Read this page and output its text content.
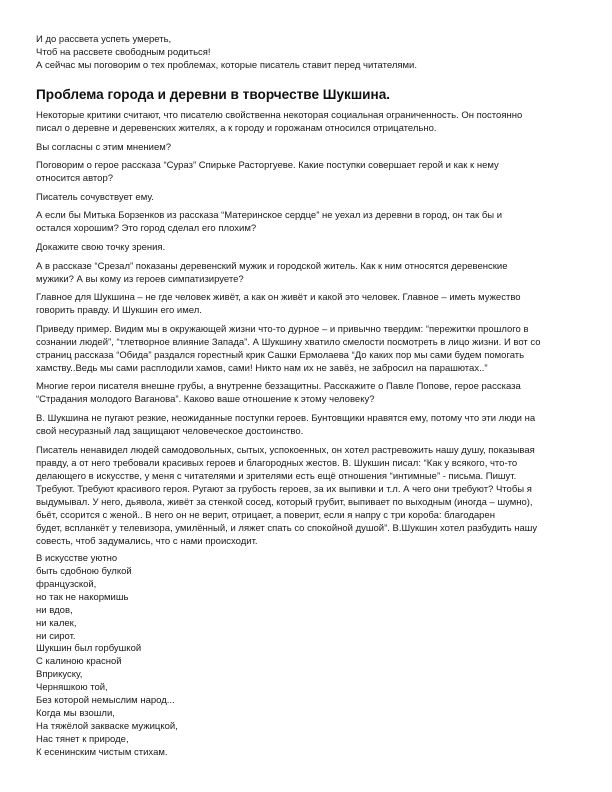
И до рассвета успеть умереть,

Чтоб на рассвете свободным родиться!

А сейчас мы поговорим о тех проблемах, которые писатель ставит перед читателями.

Проблема города и деревни в творчестве Шукшина.

Некоторые критики считают, что писателю свойственна некоторая социальная ограниченность. Он постоянно
писал о деревне и деревенских жителях, а к городу и горожанам относился отрицательно.

Вы согласны с этим мнением?

Поговорим о герое рассказа “Сураз” Спирьке Расторгуеве. Какие поступки совершает герой и как к нему
относится автор?

Писатель сочувствует ему.

А если бы Митька Борзенков из рассказа “Материнское сердце” не уехал из деревни в город, он так бы и
остался хорошим? Это город сделал его плохим?

Докажите свою точку зрения.

А в рассказе “Срезал” показаны деревенский мужик и городской житель. Как к ним относятся деревенские
мужики? А вы кому из героев симпатизируете?

Главное для Шукшина – не где человек живёт, а как он живёт и какой это человек. Главное – иметь мужество
говорить правду. И Шукшин его имел.

Приведу пример. Видим мы в окружающей жизни что-то дурное – и привычно твердим: “пережитки прошлого в
сознании людей”, “тлетворное влияние Запада”. А Шукшину хватило смелости посмотреть в лицо жизни. И вот со
страниц рассказа “Обида” раздался горестный крик Сашки Ермолаева “До каких пор мы сами будем помогать
хамству..Ведь мы сами расплодили хамов, сами! Никто нам их не завёз, не забросил на парашютах..”

Многие герои писателя внешне грубы, а внутренне беззащитны. Расскажите о Павле Попове, герое рассказа
“Страдания молодого Ваганова”. Каково ваше отношение к этому человеку?

В. Шукшина не пугают резкие, неожиданные поступки героев. Бунтовщики нравятся ему, потому что эти люди на
свой несуразный лад защищают человеческое достоинство.

Писатель ненавидел людей самодовольных, сытых, успокоенных, он хотел растревожить нашу душу, показывая
правду, а от него требовали красивых героев и благородных жестов. В. Шукшин писал: “Как у всякого, что-то
делающего в искусстве, у меня с читателями и зрителями есть ещё отношения “интимные” - письма. Пишут.
Требуют. Требуют красивого героя. Ругают за грубость героев, за их выпивки и т.л. А чего они требуют? Чтобы я
выдумывал. У него, дьявола, живёт за стенкой сосед, который грубит, выпивает по выходным (иногда – шумно),
бьёт, ссорится с женой.. В него он не верит, отрицает, а поверит, если я напру с три короба: благодарен
будет, вспланкёт у телевизора, умилённый, и ляжет спать со спокойной душой”. В.Шукшин хотел разбудить нашу
совесть, чтоб задумались, что с нами происходит.

В искусстве уютно
быть сдобною булкой
французской,
но так не накормишь
ни вдов,
ни калек,
ни сирот.
Шукшин был горбушкой
С калиною красной
Вприкуску,
Черняшкою той,
Без которой немыслим народ...
Когда мы взошли,
На тяжёлой закваске мужицкой,
Нас тянет к природе,
К есенинским чистым стихам.
